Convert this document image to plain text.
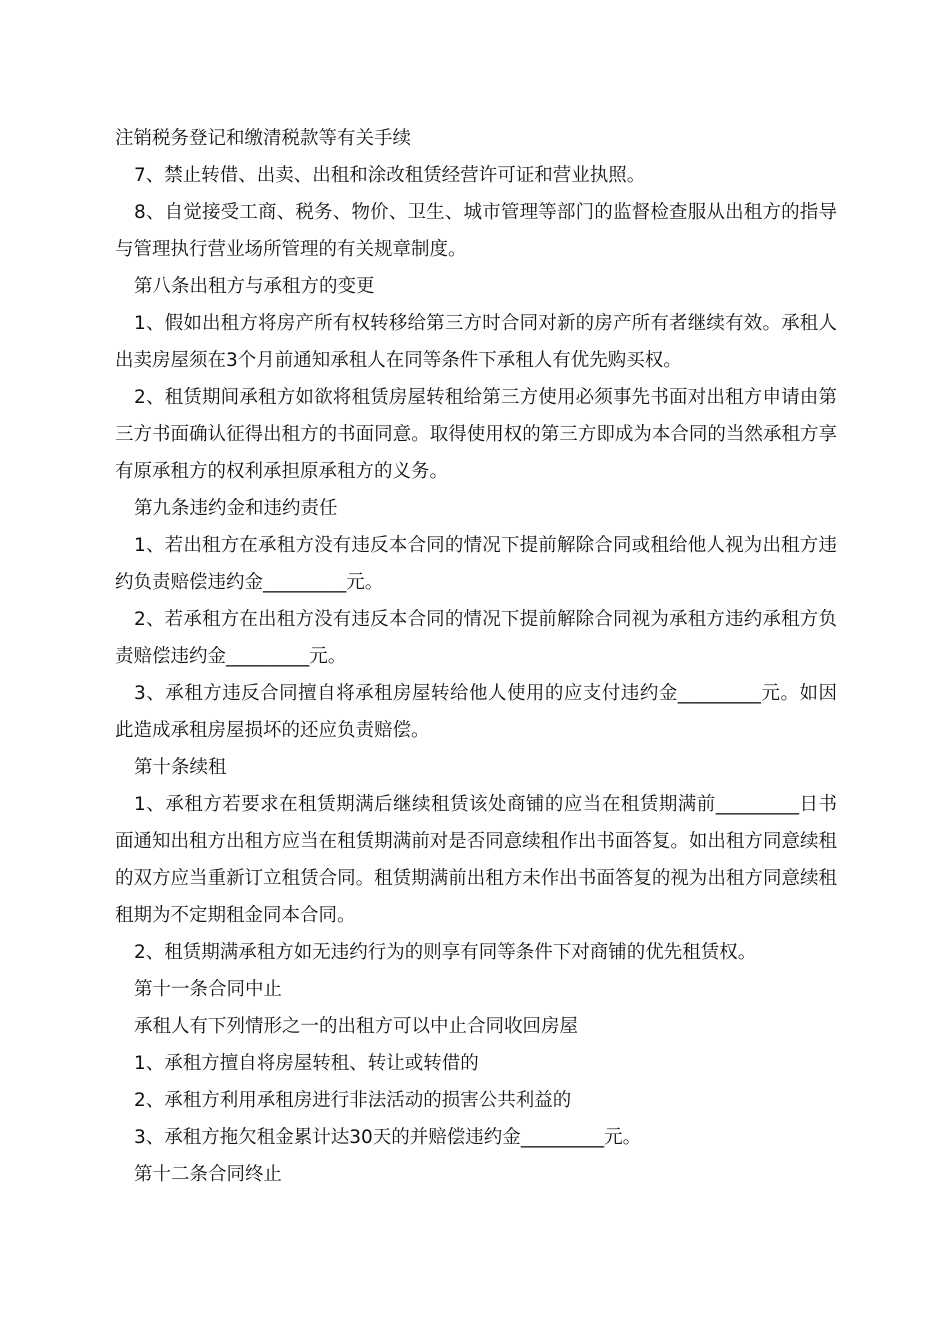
注销税务登记和缴清税款等有关手续

7、禁止转借、出卖、出租和涂改租赁经营许可证和营业执照。

8、自觉接受工商、税务、物价、卫生、城市管理等部门的监督检查服从出租方的指导与管理执行营业场所管理的有关规章制度。

第八条出租方与承租方的变更

1、假如出租方将房产所有权转移给第三方时合同对新的房产所有者继续有效。承租人出卖房屋须在3个月前通知承租人在同等条件下承租人有优先购买权。

2、租赁期间承租方如欲将租赁房屋转租给第三方使用必须事先书面对出租方申请由第三方书面确认征得出租方的书面同意。取得使用权的第三方即成为本合同的当然承租方享有原承租方的权利承担原承租方的义务。

第九条违约金和违约责任

1、若出租方在承租方没有违反本合同的情况下提前解除合同或租给他人视为出租方违约负责赔偿违约金_________元。

2、若承租方在出租方没有违反本合同的情况下提前解除合同视为承租方违约承租方负责赔偿违约金_________元。

3、承租方违反合同擅自将承租房屋转给他人使用的应支付违约金_________元。如因此造成承租房屋损坏的还应负责赔偿。

第十条续租

1、承租方若要求在租赁期满后继续租赁该处商铺的应当在租赁期满前_________日书面通知出租方出租方应当在租赁期满前对是否同意续租作出书面答复。如出租方同意续租的双方应当重新订立租赁合同。租赁期满前出租方未作出书面答复的视为出租方同意续租租期为不定期租金同本合同。

2、租赁期满承租方如无违约行为的则享有同等条件下对商铺的优先租赁权。

第十一条合同中止

承租人有下列情形之一的出租方可以中止合同收回房屋

1、承租方擅自将房屋转租、转让或转借的

2、承租方利用承租房进行非法活动的损害公共利益的

3、承租方拖欠租金累计达30天的并赔偿违约金_________元。

第十二条合同终止
